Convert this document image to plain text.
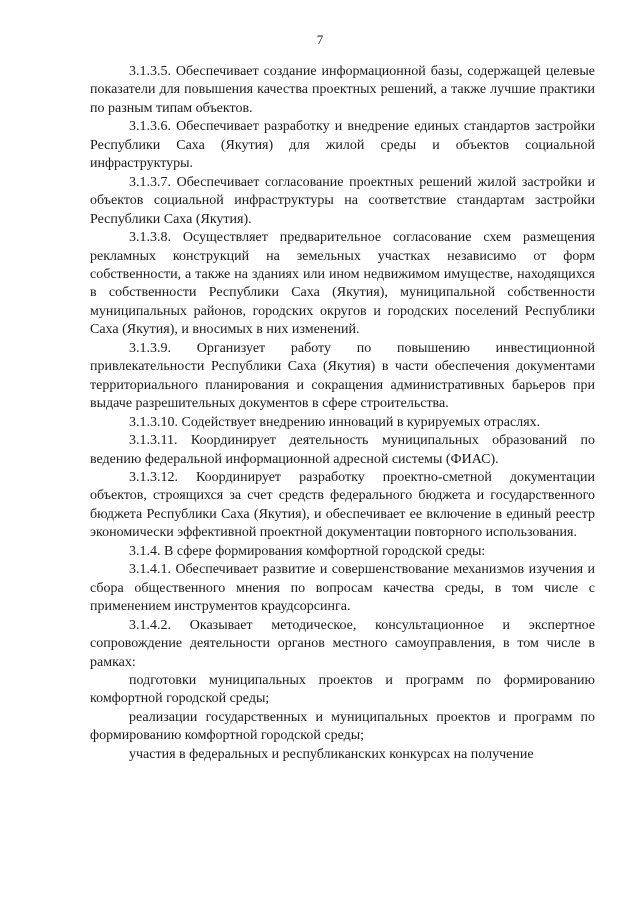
7

3.1.3.5. Обеспечивает создание информационной базы, содержащей целевые показатели для повышения качества проектных решений, а также лучшие практики по разным типам объектов.

3.1.3.6. Обеспечивает разработку и внедрение единых стандартов застройки Республики Саха (Якутия) для жилой среды и объектов социальной инфраструктуры.

3.1.3.7. Обеспечивает согласование проектных решений жилой застройки и объектов социальной инфраструктуры на соответствие стандартам застройки Республики Саха (Якутия).

3.1.3.8. Осуществляет предварительное согласование схем размещения рекламных конструкций на земельных участках независимо от форм собственности, а также на зданиях или ином недвижимом имуществе, находящихся в собственности Республики Саха (Якутия), муниципальной собственности муниципальных районов, городских округов и городских поселений Республики Саха (Якутия), и вносимых в них изменений.

3.1.3.9. Организует работу по повышению инвестиционной привлекательности Республики Саха (Якутия) в части обеспечения документами территориального планирования и сокращения административных барьеров при выдаче разрешительных документов в сфере строительства.

3.1.3.10. Содействует внедрению инноваций в курируемых отраслях.

3.1.3.11. Координирует деятельность муниципальных образований по ведению федеральной информационной адресной системы (ФИАС).

3.1.3.12. Координирует разработку проектно-сметной документации объектов, строящихся за счет средств федерального бюджета и государственного бюджета Республики Саха (Якутия), и обеспечивает ее включение в единый реестр экономически эффективной проектной документации повторного использования.

3.1.4. В сфере формирования комфортной городской среды:

3.1.4.1. Обеспечивает развитие и совершенствование механизмов изучения и сбора общественного мнения по вопросам качества среды, в том числе с применением инструментов краудсорсинга.

3.1.4.2. Оказывает методическое, консультационное и экспертное сопровождение деятельности органов местного самоуправления, в том числе в рамках:

подготовки муниципальных проектов и программ по формированию комфортной городской среды;

реализации государственных и муниципальных проектов и программ по формированию комфортной городской среды;

участия в федеральных и республиканских конкурсах на получение
